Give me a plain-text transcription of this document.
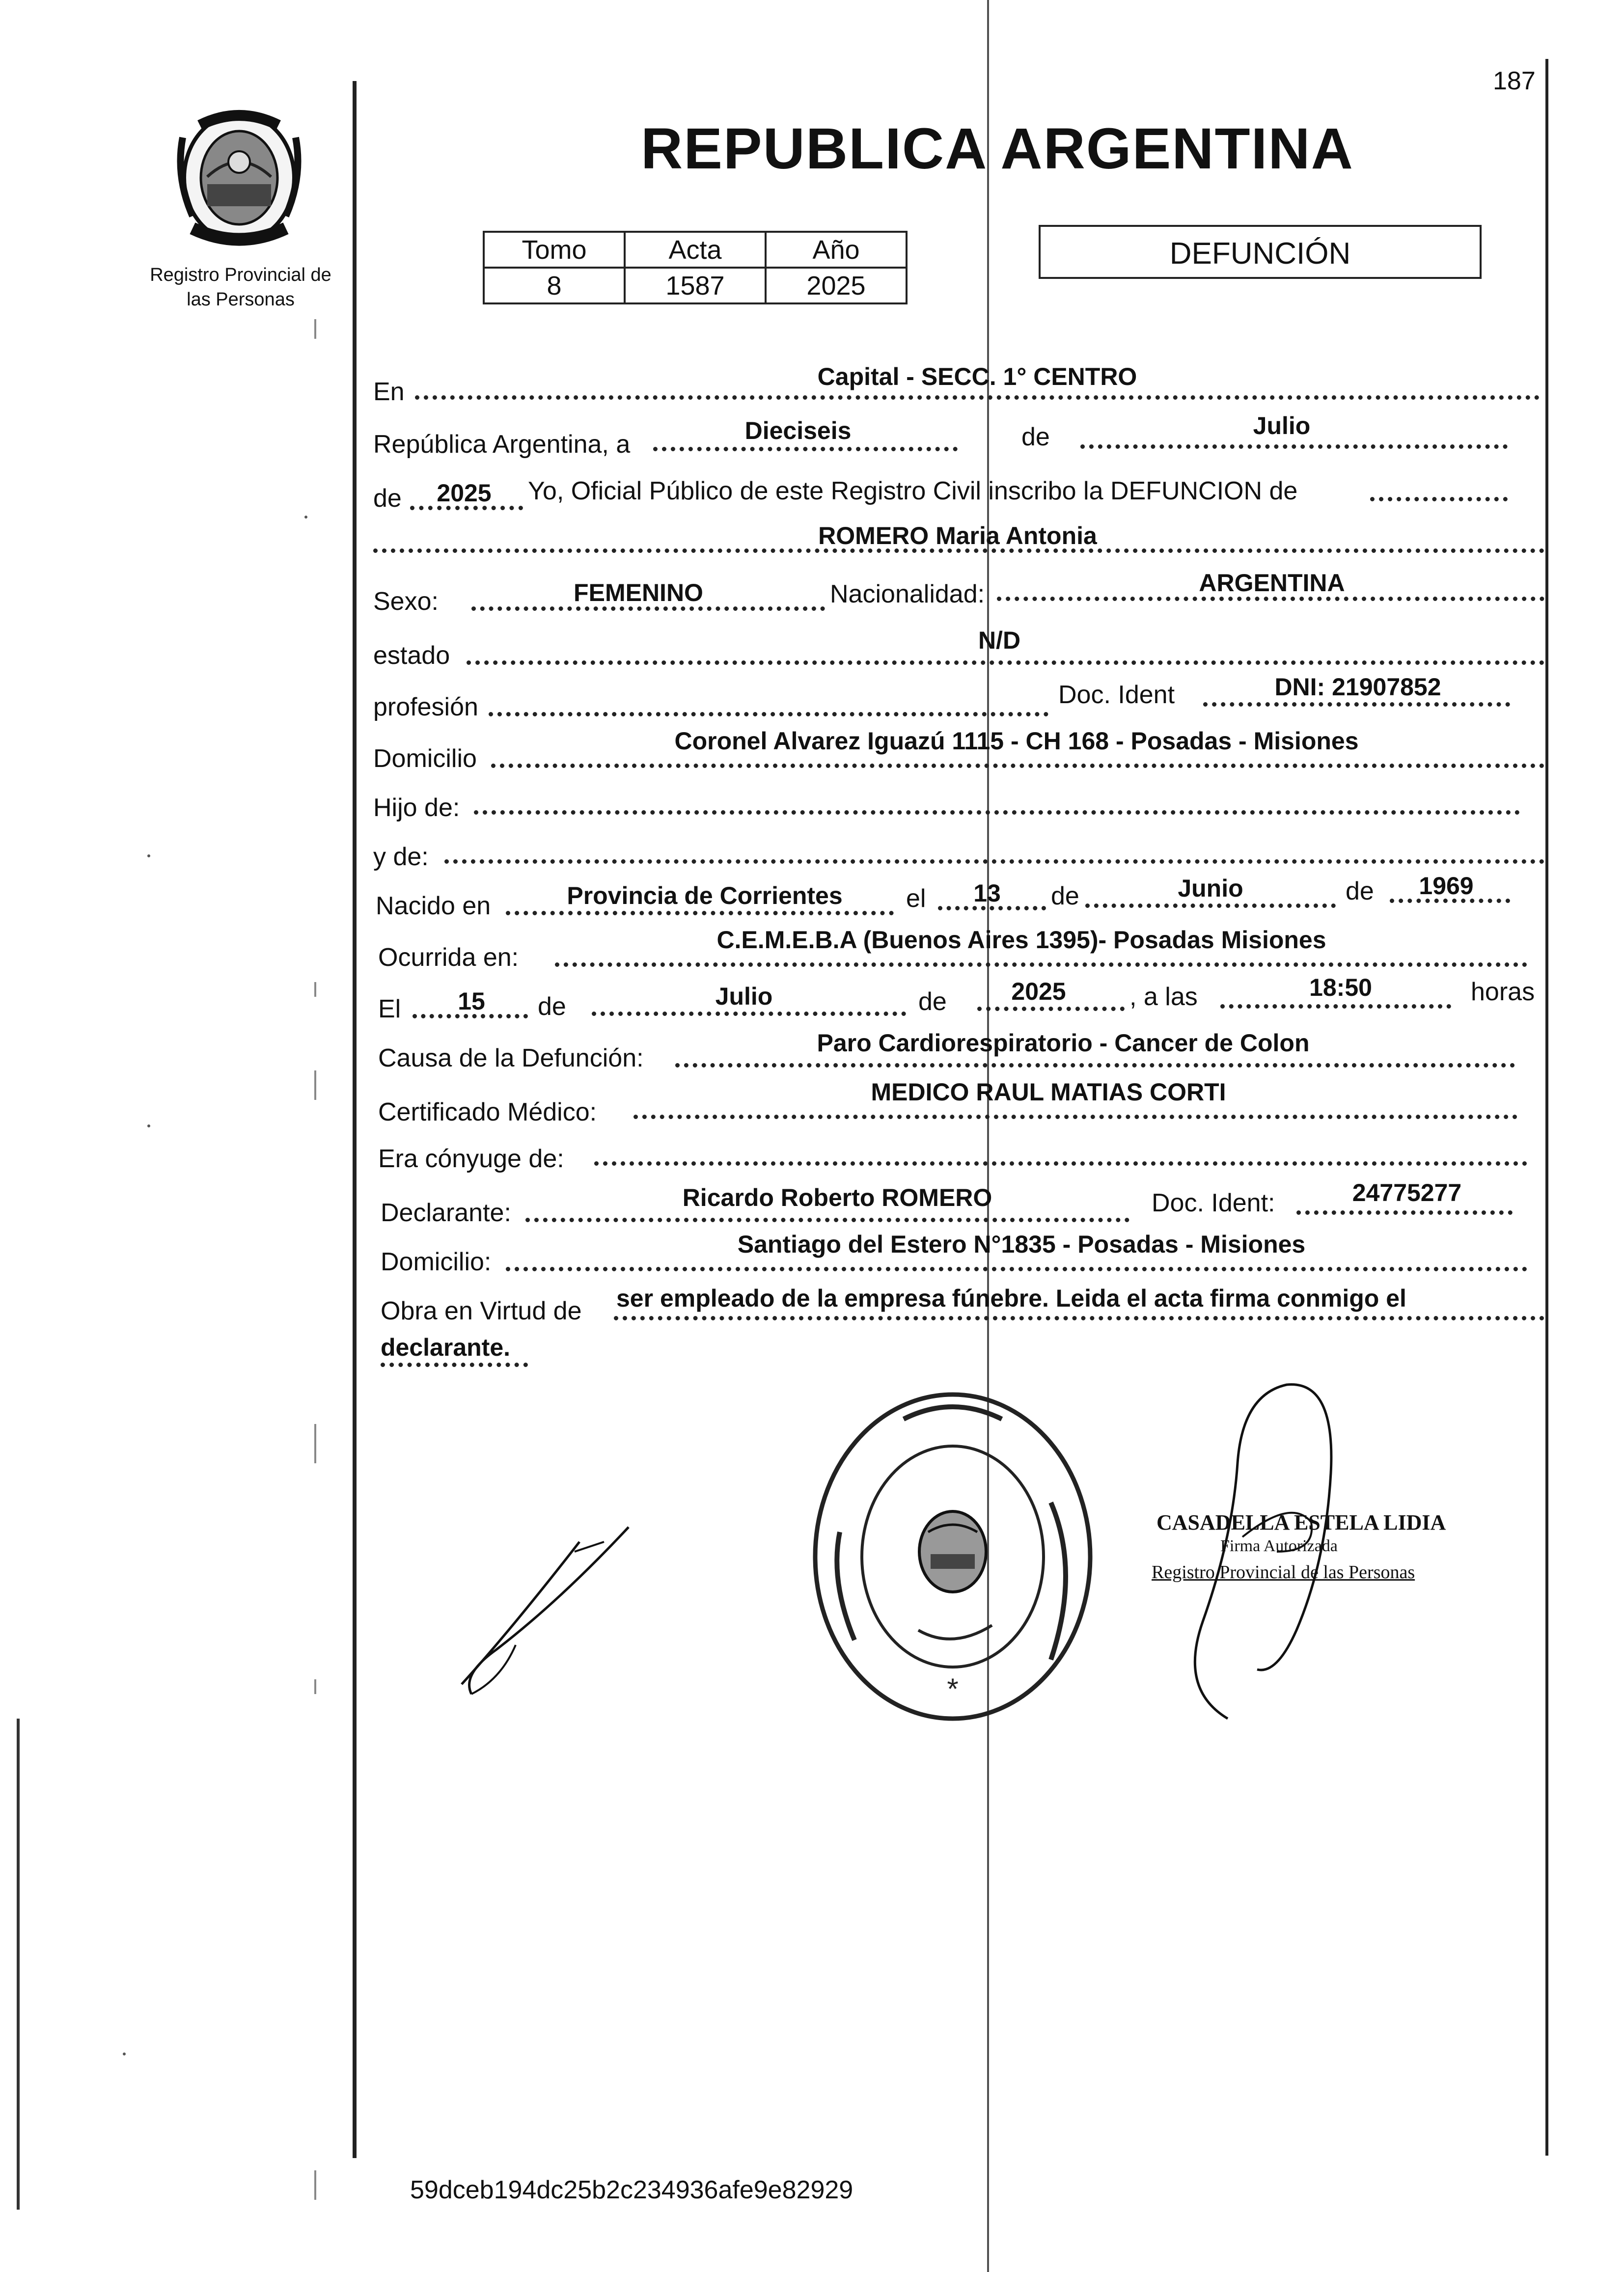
187
REPUBLICA ARGENTINA
Registro Provincial de
las Personas
Tomo	Acta	Año
8	1587	2025
DEFUNCIÓN
En
Capital - SECC. 1° CENTRO
República Argentina, a	Dieciseis	de	Julio
de 2025 Yo, Oficial Público de este Registro Civil inscribo la DEFUNCION de
ROMERO Maria Antonia
Sexo:	FEMENINO	Nacionalidad:	ARGENTINA
estado
N/D
profesión	Doc. Ident	DNI: 21907852
Domicilio
Coronel Alvarez Iguazú 1115 - CH 168 - Posadas - Misiones
Hijo de:
y de:
Nacido en	Provincia de Corrientes el 13 de	Junio	de 1969
Ocurrida en:
C.E.M.E.B.A (Buenos Aires 1395)- Posadas Misiones
El 15 de	Julio	de	2025 , a las	18:50	horas
Causa de la Defunción:
Paro Cardiorespiratorio - Cancer de Colon
Certificado Médico:
MEDICO RAUL MATIAS CORTI
Era cónyuge de:
Declarante:
Ricardo Roberto ROMERO	Doc. Ident:	24775277
Domicilio:
Santiago del Estero N°1835 - Posadas - Misiones
Obra en Virtud de ser empleado de la empresa fúnebre. Leida el acta firma conmigo el
declarante.
*
CASADELLA ESTELA LIDIA
Firma Autorizada
Registro Provincial de las Personas
59dceb194dc25b2c234936afe9e82929
